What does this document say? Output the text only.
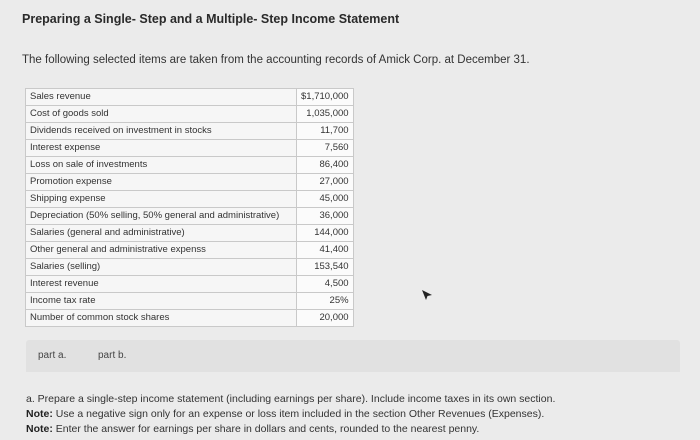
Preparing a Single- Step and a Multiple- Step Income Statement
The following selected items are taken from the accounting records of Amick Corp. at December 31.
Sales revenue	$1,710,000
Cost of goods sold	1,035,000
Dividends received on investment in stocks	11,700
Interest expense	7,560
Loss on sale of investments	86,400
Promotion expense	27,000
Shipping expense	45,000
Depreciation (50% selling, 50% general and administrative)	36,000
Salaries (general and administrative)	144,000
Other general and administrative expenss	41,400
Salaries (selling)	153,540
Interest revenue	4,500
Income tax rate	25%
Number of common stock shares	20,000
part a.	part b.
a. Prepare a single-step income statement (including earnings per share). Include income taxes in its own section.
Note: Use a negative sign only for an expense or loss item included in the section Other Revenues (Expenses).
Note: Enter the answer for earnings per share in dollars and cents, rounded to the nearest penny.
